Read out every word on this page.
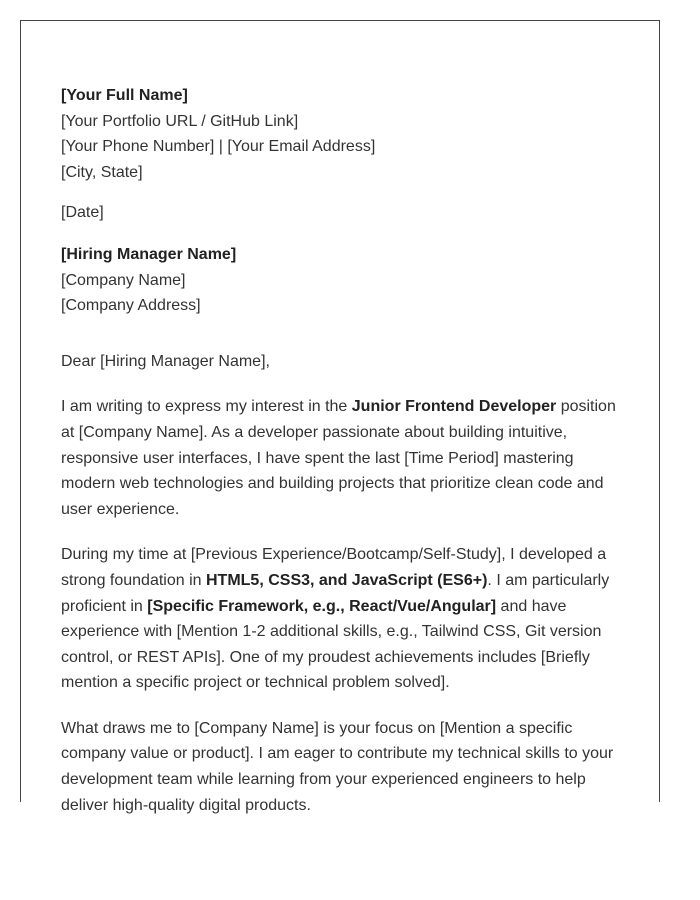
[Your Full Name]
[Your Portfolio URL / GitHub Link]
[Your Phone Number] | [Your Email Address]
[City, State]
[Date]
[Hiring Manager Name]
[Company Name]
[Company Address]
Dear [Hiring Manager Name],

I am writing to express my interest in the Junior Frontend Developer position at [Company Name]. As a developer passionate about building intuitive, responsive user interfaces, I have spent the last [Time Period] mastering modern web technologies and building projects that prioritize clean code and user experience.

During my time at [Previous Experience/Bootcamp/Self-Study], I developed a strong foundation in HTML5, CSS3, and JavaScript (ES6+). I am particularly proficient in [Specific Framework, e.g., React/Vue/Angular] and have experience with [Mention 1-2 additional skills, e.g., Tailwind CSS, Git version control, or REST APIs]. One of my proudest achievements includes [Briefly mention a specific project or technical problem solved].

What draws me to [Company Name] is your focus on [Mention a specific company value or product]. I am eager to contribute my technical skills to your development team while learning from your experienced engineers to help deliver high-quality digital products.
